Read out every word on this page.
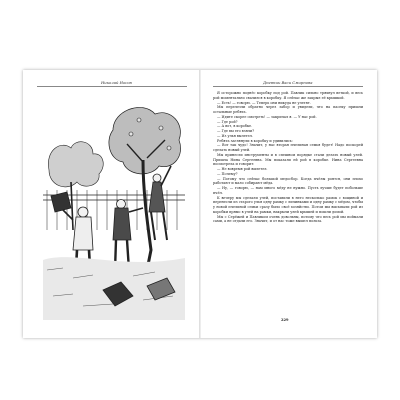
Николай Носов	Дневник Васи Смирнова

Я осторожно поднёс коробку под рой. Павлик сильно тряхнул веткой, и весь рой моментально свалился в коробку. Я сейчас же закрыл её крышкой.

— Есть! — говорю. — Теперь они никуда не улетят.

Мы перелезли обратно через забор и увидели, что на пасеку пришли остальные ребята.

— Идите скорее смотреть! — закричал я. — У нас рой.

— Где рой?

— А вот, в коробке.

— Где вы его взяли?

— Из улья вылетел.

Ребята заглянули в коробку и удивились:

— Вот так чудо! Значит, у нас вторая пчелиная семья будет! Надо поскорей сделать новый улей.

Мы принесли инструменты и в спешном порядке стали делать новый улей. Пришла Нина Сергеевна. Мы показали ей рой в коробке. Нина Сергеевна посмотрела и говорит:

— Не вовремя рой вылетел.

— Почему?

— Потому что сейчас большой медосбор. Когда пчёлы роятся, они плохо работают и мало собирают мёда.

— Ну, — говорю, — нам много мёду не нужно. Пусть лучше будет побольше пчёл.

К вечеру мы сделали улей, поставили в него несколько рамок с вощиной и перенесли из старого улья одну рамку с личинками и одну рамку с мёдом, чтобы у новой пчелиной семьи сразу было своё хозяйство. Потом мы высыпали рой из коробки прямо в улей на рамки, накрыли улей крышей и пошли домой.

Мы с Серёжей и Павликом очень довольны, потому что весь рой мы поймали сами, а не отдали его. Значит, и от нас тоже вышел польза.

229
